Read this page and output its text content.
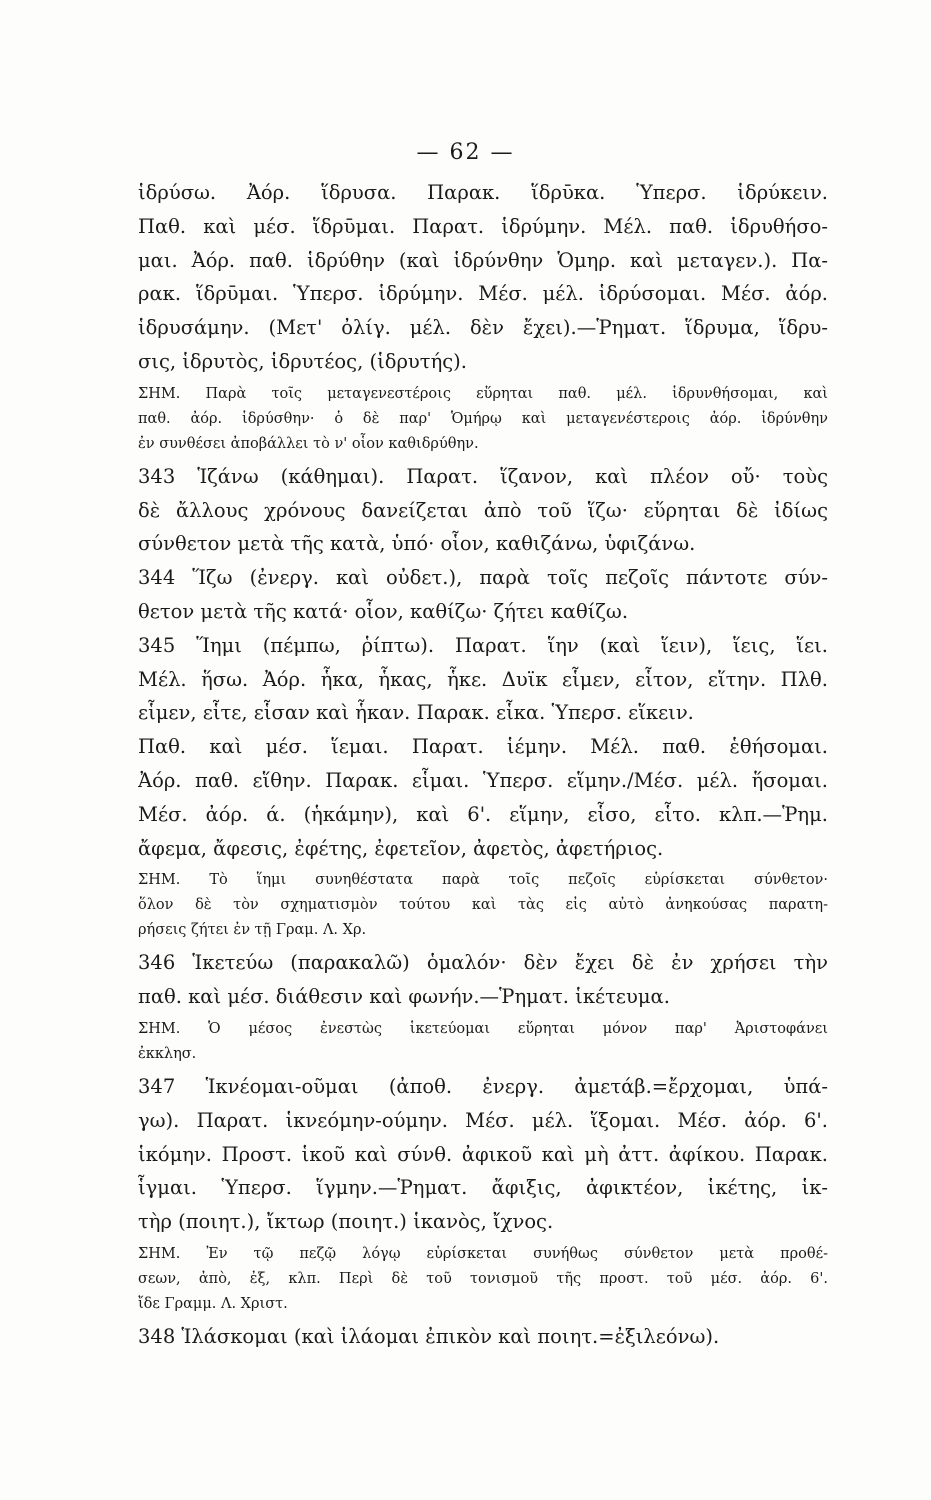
— 62 —
ἱδρύσω. Ἀόρ. ἵδρυσα. Παρακ. ἵδρῡκα. Ὑπερσ. ἱδρύκειν.
Παθ. καὶ μέσ. ἵδρῡμαι. Παρατ. ἱδρύμην. Μέλ. παθ. ἱδρυθήσο-
μαι. Ἀόρ. παθ. ἱδρύθην (καὶ ἱδρύνθην Ὁμηρ. καὶ μεταγεν.). Πα-
ρακ. ἵδρῡμαι. Ὑπερσ. ἱδρύμην. Μέσ. μέλ. ἱδρύσομαι. Μέσ. ἀόρ.
ἱδρυσάμην. (Μετ' ὀλίγ. μέλ. δὲν ἔχει).—Ῥηματ. ἵδρυμα, ἵδρυ-
σις, ἱδρυτὸς, ἱδρυτέος, (ἱδρυτής).
ΣΗΜ. Παρὰ τοῖς μεταγενεστέροις εὕρηται παθ. μέλ. ἱδρυνθήσομαι, καὶ
παθ. ἀόρ. ἱδρύσθην· ὁ δὲ παρ' Ὁμήρῳ καὶ μεταγενέστεροις ἀόρ. ἱδρύνθην
ἐν συνθέσει ἀποβάλλει τὸ ν' οἷον καθιδρύθην.
343 Ἱζάνω (κάθημαι). Παρατ. ἵζανον, καὶ πλέον οὔ· τοὺς
δὲ ἄλλους χρόνους δανείζεται ἀπὸ τοῦ ἵζω· εὕρηται δὲ ἰδίως
σύνθετον μετὰ τῆς κατὰ, ὑπό· οἷον, καθιζάνω, ὑφιζάνω.
344 Ἵζω (ἐνεργ. καὶ οὐδετ.), παρὰ τοῖς πεζοῖς πάντοτε σύν-
θετον μετὰ τῆς κατά· οἷον, καθίζω· ζήτει καθίζω.
345 Ἵημι (πέμπω, ῥίπτω). Παρατ. ἵην (καὶ ἵειν), ἵεις, ἵει.
Μέλ. ἥσω. Ἀόρ. ἧκα, ἧκας, ἧκε. Δυϊκ εἷμεν, εἷτον, εἵτην. Πλθ.
εἷμεν, εἷτε, εἷσαν καὶ ἧκαν. Παρακ. εἷκα. Ὑπερσ. εἵκειν.
Παθ. καὶ μέσ. ἵεμαι. Παρατ. ἱέμην. Μέλ. παθ. ἑθήσομαι.
Ἀόρ. παθ. εἵθην. Παρακ. εἷμαι. Ὑπερσ. εἵμην./Μέσ. μέλ. ἥσομαι.
Μέσ. ἀόρ. ά. (ἡκάμην), καὶ 6'. εἵμην, εἷσο, εἷτο. κλπ.—Ῥημ.
ἄφεμα, ἄφεσις, ἐφέτης, ἐφετεῖον, ἀφετὸς, ἀφετήριος.
ΣΗΜ. Τὸ ἵημι συνηθέστατα παρὰ τοῖς πεζοῖς εὑρίσκεται σύνθετον·
ὅλον δὲ τὸν σχηματισμὸν τούτου καὶ τὰς εἰς αὐτὸ ἀνηκούσας παρατη-
ρήσεις ζήτει ἐν τῇ Γραμ. Λ. Χρ.
346 Ἱκετεύω (παρακαλῶ) ὁμαλόν· δὲν ἔχει δὲ ἐν χρήσει τὴν
παθ. καὶ μέσ. διάθεσιν καὶ φωνήν.—Ῥηματ. ἱκέτευμα.
ΣΗΜ. Ὁ μέσος ἐνεστὼς ἱκετεύομαι εὕρηται μόνον παρ' Ἀριστοφάνει
ἐκκλησ.
347 Ἱκνέομαι-οῦμαι (ἀποθ. ἐνεργ. ἀμετάβ.=ἔρχομαι, ὑπά-
γω). Παρατ. ἱκνεόμην-ούμην. Μέσ. μέλ. ἵξομαι. Μέσ. ἀόρ. 6'.
ἱκόμην. Προστ. ἱκοῦ καὶ σύνθ. ἀφικοῦ καὶ μὴ ἀττ. ἀφίκου. Παρακ.
ἷγμαι. Ὑπερσ. ἵγμην.—Ῥηματ. ἄφιξις, ἀφικτέον, ἱκέτης, ἱκ-
τὴρ (ποιητ.), ἴκτωρ (ποιητ.) ἱκανὸς, ἴχνος.
ΣΗΜ. Ἐν τῷ πεζῷ λόγῳ εὑρίσκεται συνήθως σύνθετον μετὰ προθέ-
σεων, ἀπὸ, ἐξ, κλπ. Περὶ δὲ τοῦ τονισμοῦ τῆς προστ. τοῦ μέσ. ἀόρ. 6'.
ἴδε Γραμμ. Λ. Χριστ.
348 Ἱλάσκομαι (καὶ ἱλάομαι ἐπικὸν καὶ ποιητ.=ἐξιλεόνω).
